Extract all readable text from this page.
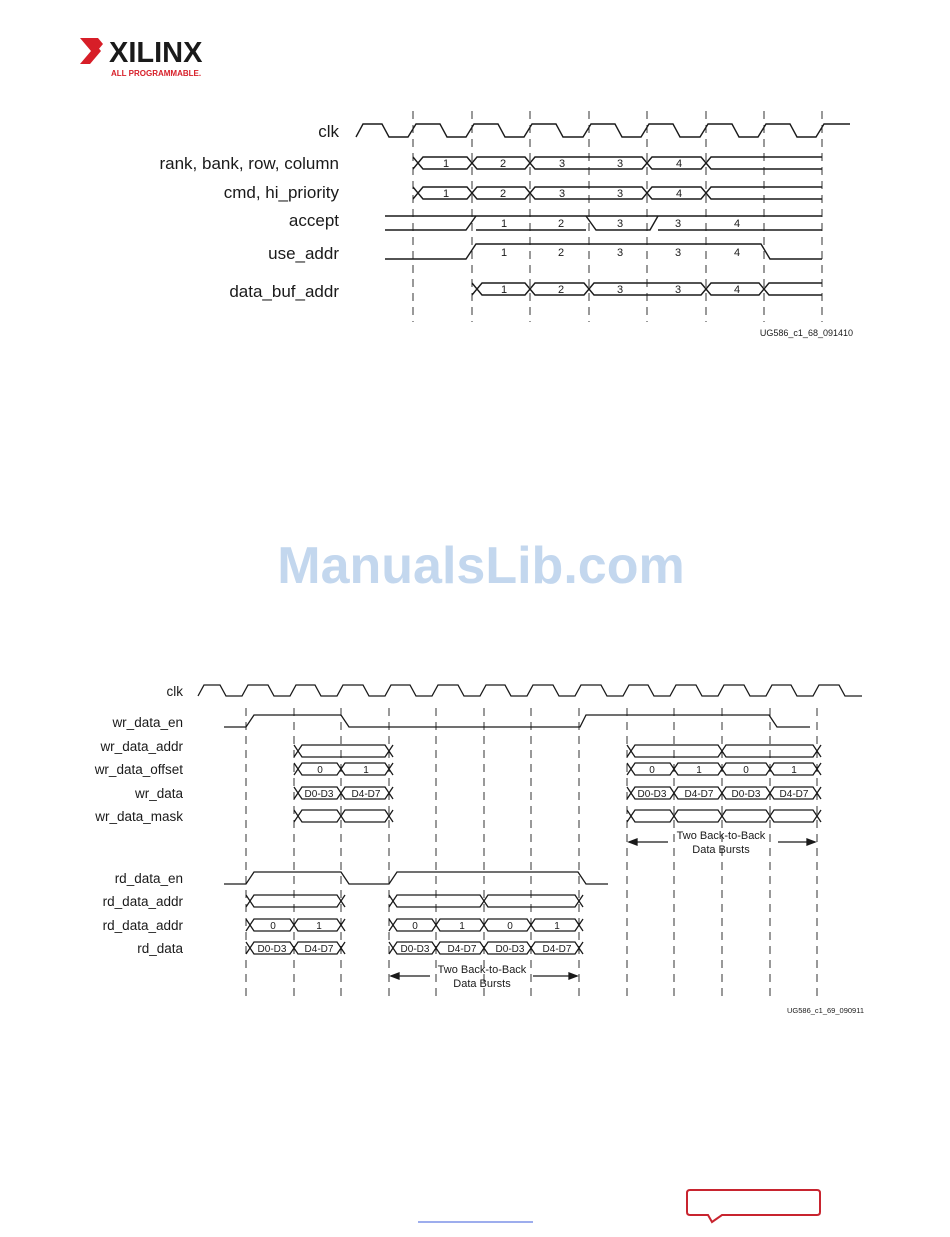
XILINX
ALL PROGRAMMABLE.
clk
rank, bank, row, column
cmd, hi_priority
accept
use_addr
data_buf_addr
1	2	3	3	4
1	2	3	3	4
1	2	3	3	4
1	2	3	3	4
1	2	3	3	4
UG586_c1_68_091410
ManualsLib.com
clk
wr_data_en
wr_data_addr
wr_data_offset
wr_data
wr_data_mask
rd_data_en
rd_data_addr
rd_data_addr
rd_data
0	1	0	1	0	1
D0-D3 D4-D7	D0-D3 D4-D7 D0-D3 D4-D7
0	1	0	1	0	1
D0-D3 D4-D7	D0-D3 D4-D7 D0-D3 D4-D7
Two Back-to-Back
Data Bursts
Two Back-to-Back
Data Bursts
UG586_c1_69_090911
